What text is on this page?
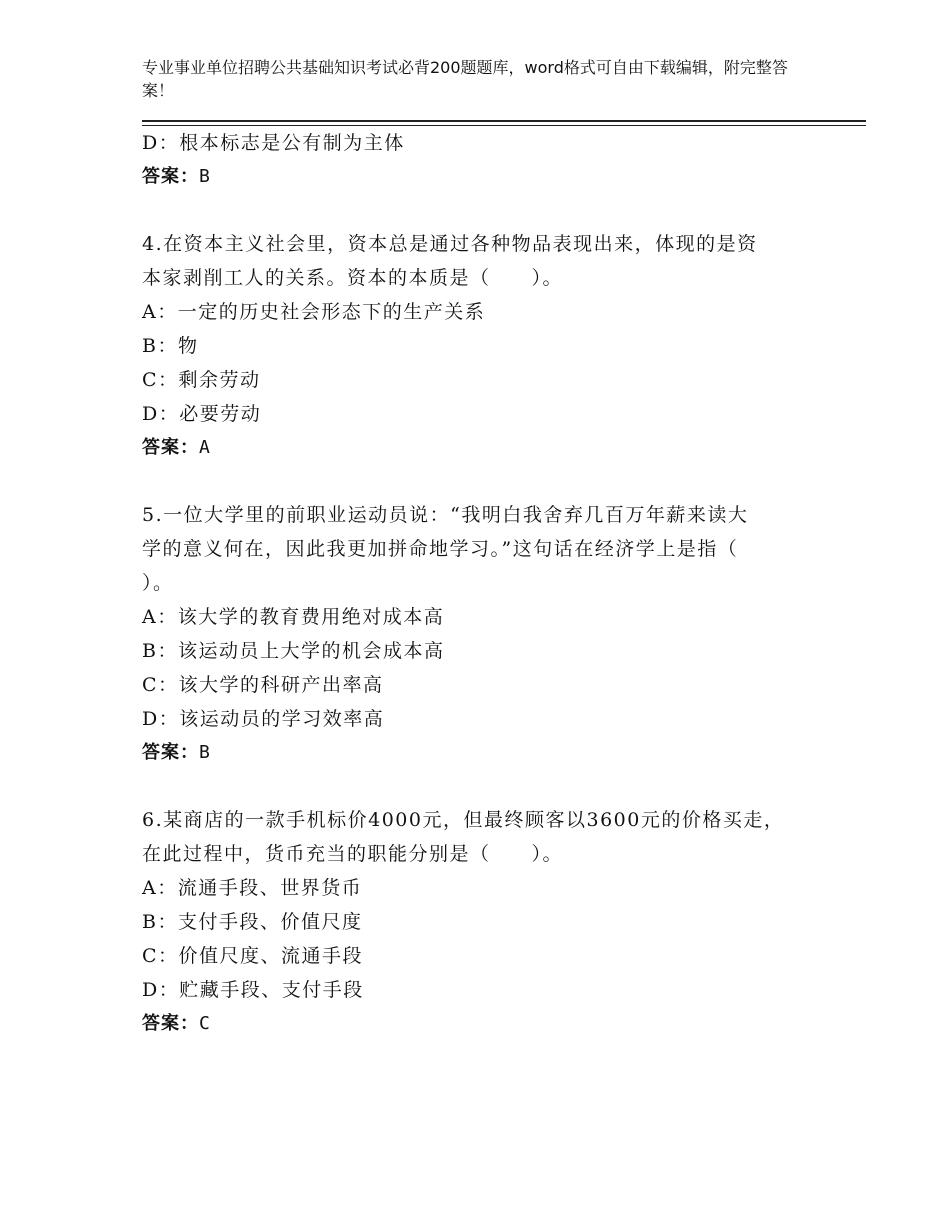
专业事业单位招聘公共基础知识考试必背200题题库，word格式可自由下载编辑，附完整答案！
D：根本标志是公有制为主体
答案：B
4.在资本主义社会里，资本总是通过各种物品表现出来，体现的是资
本家剥削工人的关系。资本的本质是（　　）。
A：一定的历史社会形态下的生产关系
B：物
C：剩余劳动
D：必要劳动
答案：A
5.一位大学里的前职业运动员说：“我明白我舍弃几百万年薪来读大
学的意义何在，因此我更加拼命地学习。”这句话在经济学上是指（
）。
A：该大学的教育费用绝对成本高
B：该运动员上大学的机会成本高
C：该大学的科研产出率高
D：该运动员的学习效率高
答案：B
6.某商店的一款手机标价4000元，但最终顾客以3600元的价格买走，
在此过程中，货币充当的职能分别是（　　）。
A：流通手段、世界货币
B：支付手段、价值尺度
C：价值尺度、流通手段
D：贮藏手段、支付手段
答案：C
